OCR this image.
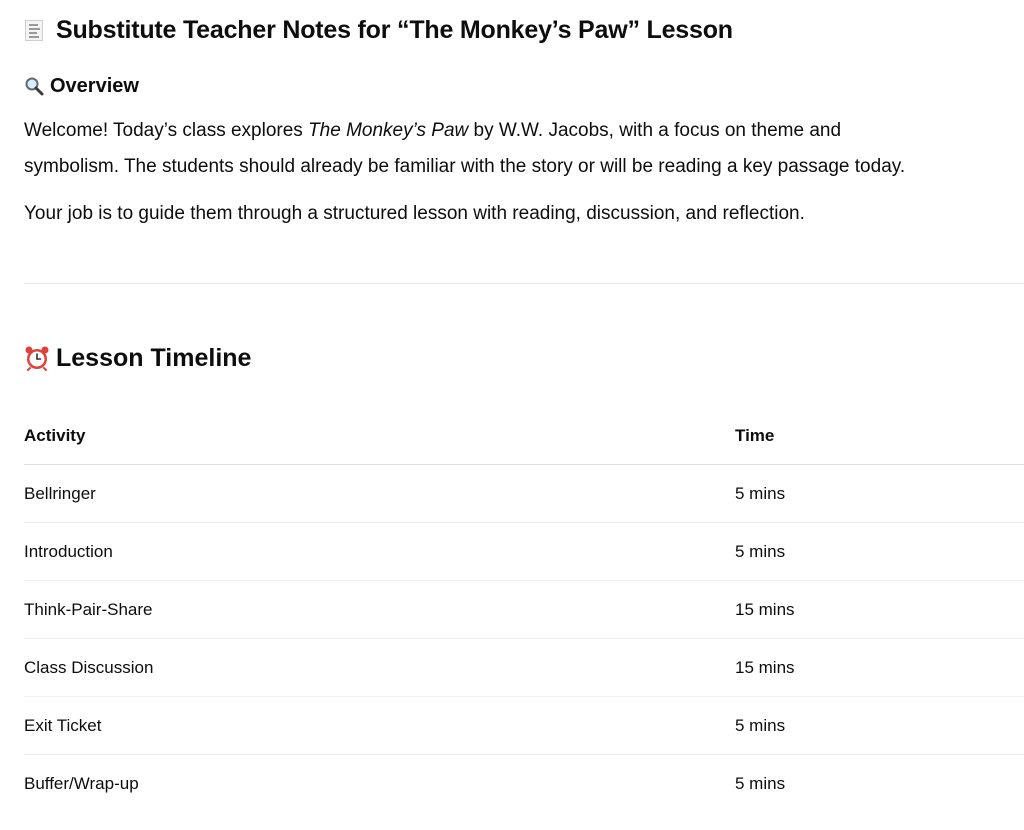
Substitute Teacher Notes for “The Monkey’s Paw” Lesson
Overview
Welcome! Today’s class explores The Monkey’s Paw by W.W. Jacobs, with a focus on theme and
symbolism. The students should already be familiar with the story or will be reading a key passage today.
Your job is to guide them through a structured lesson with reading, discussion, and reflection.
Lesson Timeline
Activity	Time
Bellringer	5 mins
Introduction	5 mins
Think-Pair-Share	15 mins
Class Discussion	15 mins
Exit Ticket	5 mins
Buffer/Wrap-up	5 mins
